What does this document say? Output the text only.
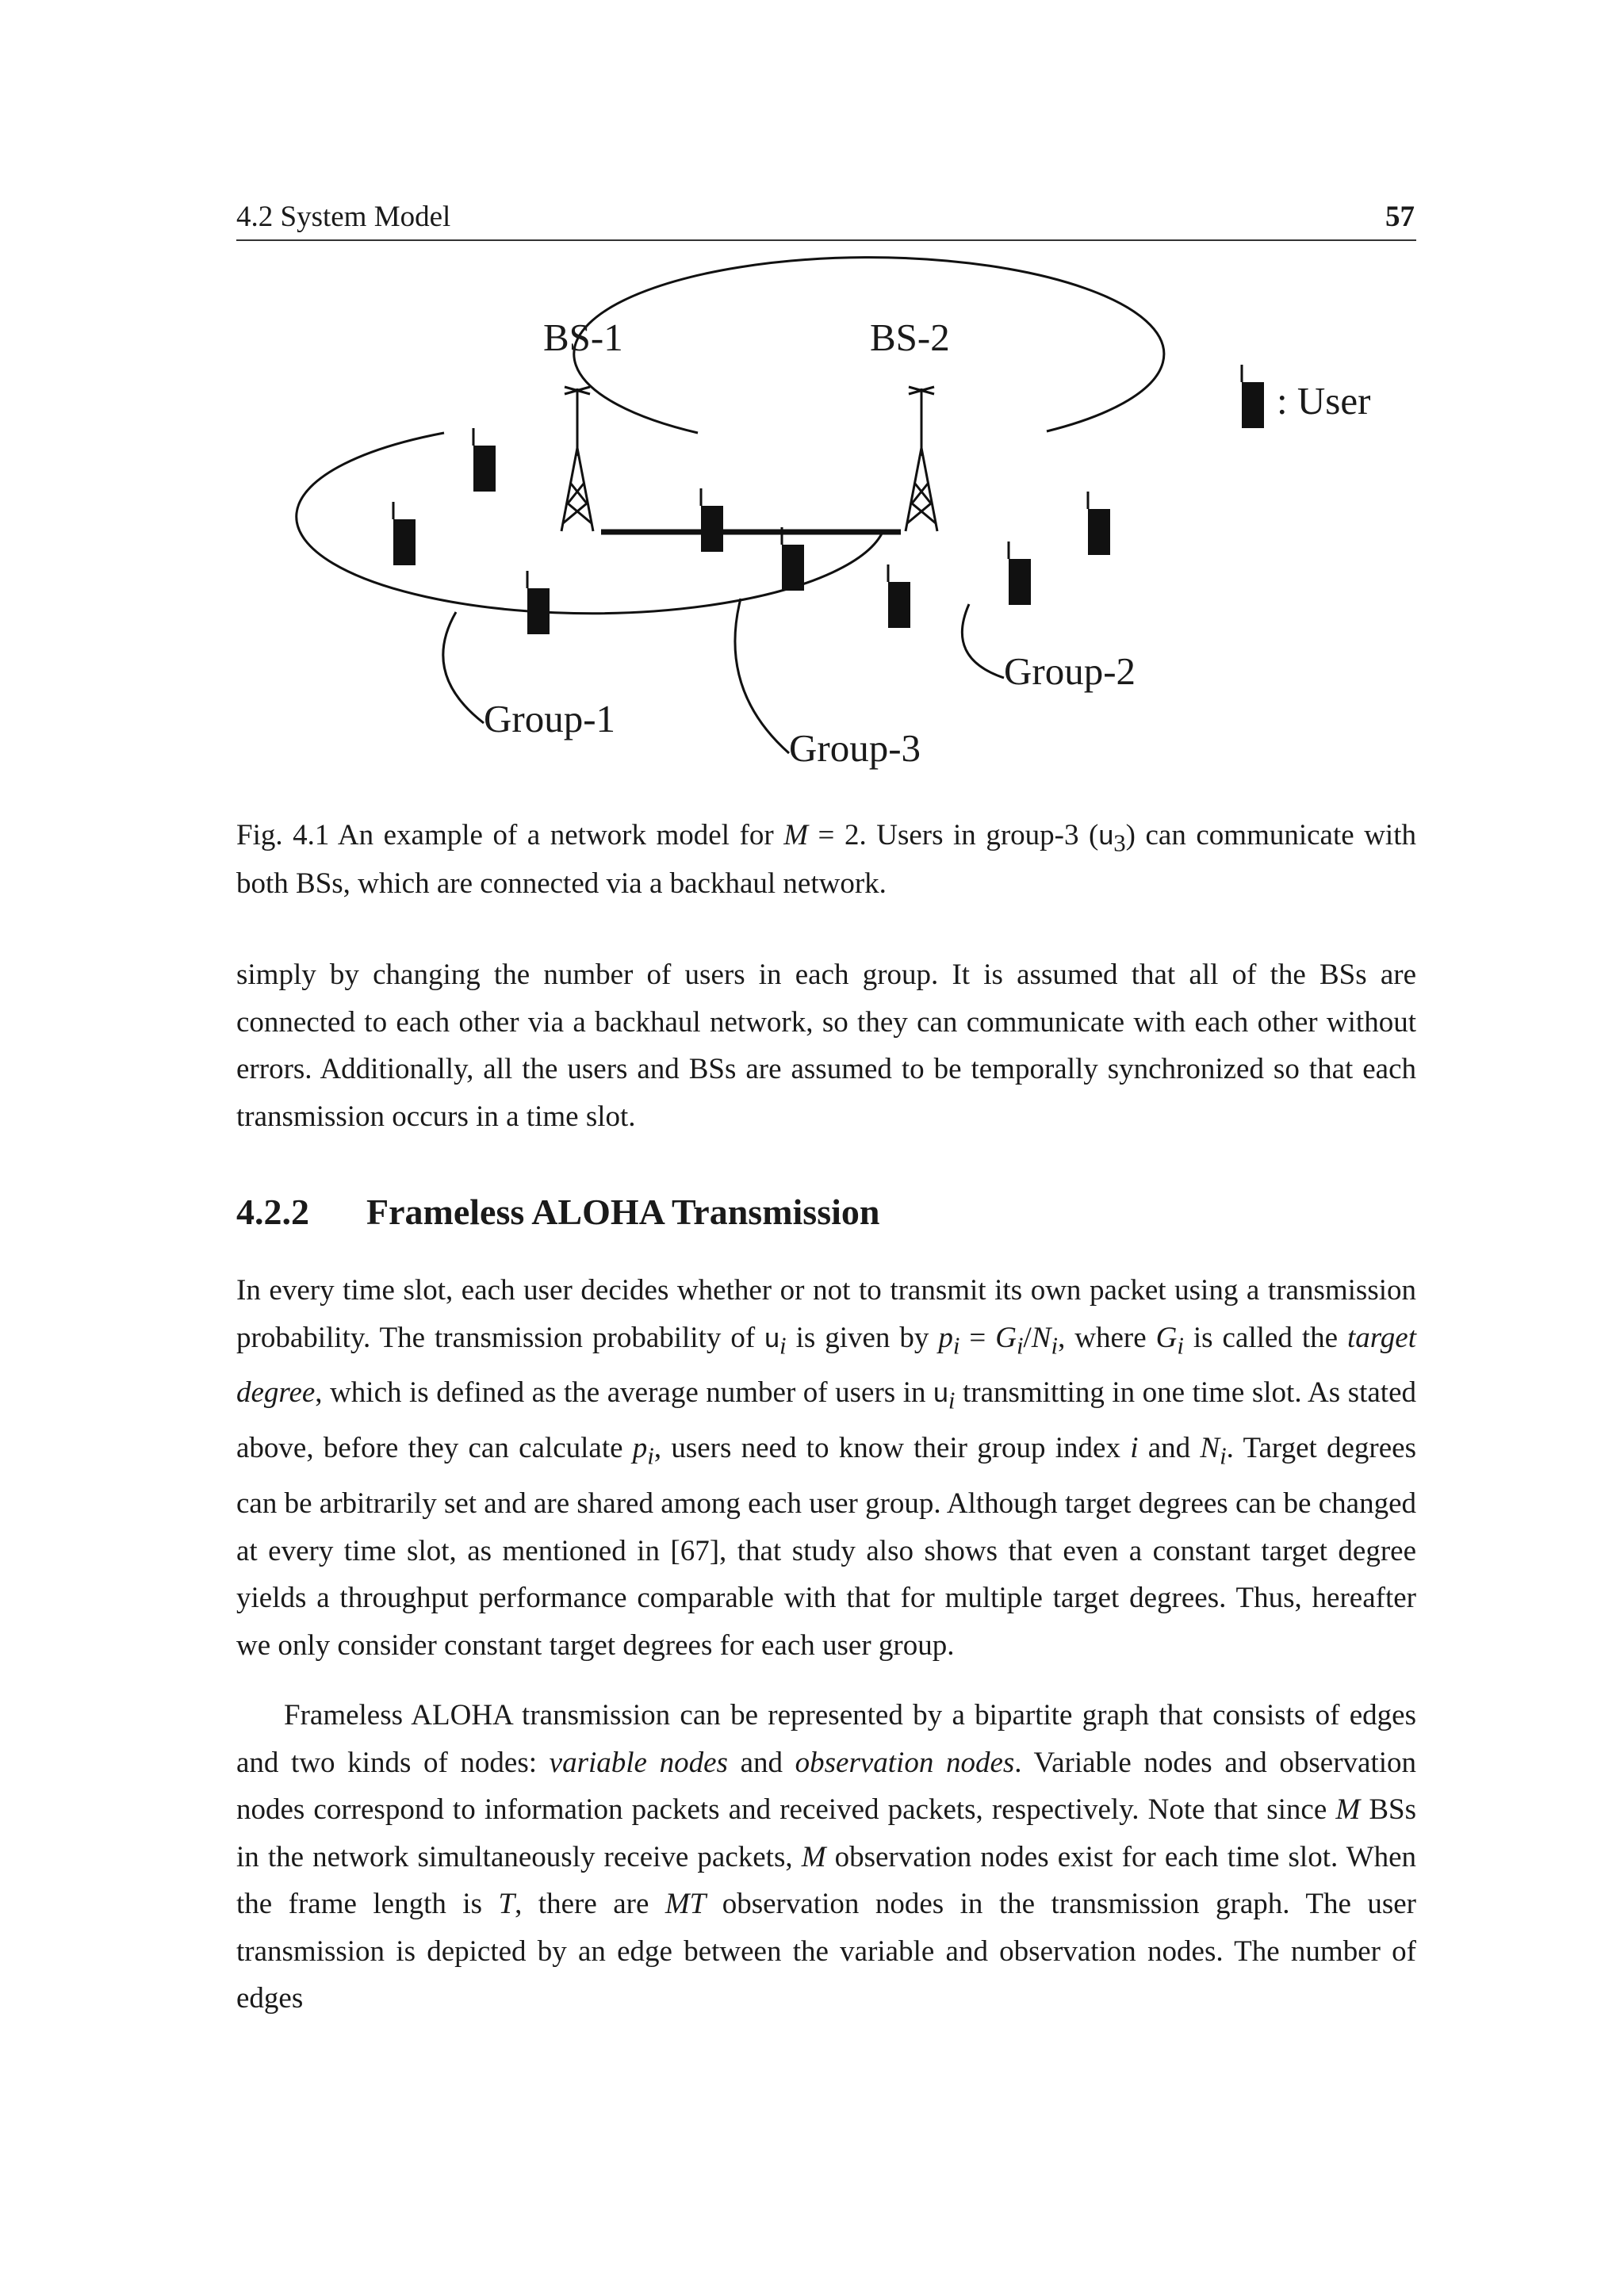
4.2 System Model	57
BS-1	BS-2
: User
Group-1
Group-3
Group-2
Fig. 4.1 An example of a network model for M = 2. Users in group-3 $(u_3)$ can communicate with both BSs, which are connected via a backhaul network.

simply by changing the number of users in each group. It is assumed that all of the BSs are connected to each other via a backhaul network, so they can communicate with each other without errors. Additionally, all the users and BSs are assumed to be temporally synchronized so that each transmission occurs in a time slot.

4.2.2 Frameless ALOHA Transmission

In every time slot, each user decides whether or not to transmit its own packet using a transmission probability. The transmission probability of $u_i$ is given by $p_i = G_i/N_i$, where $G_i$ is called the target degree, which is defined as the average number of users in $u_i$ transmitting in one time slot. As stated above, before they can calculate $p_i$, users need to know their group index i and $N_i$. Target degrees can be arbitrarily set and are shared among each user group. Although target degrees can be changed at every time slot, as mentioned in [67], that study also shows that even a constant target degree yields a throughput performance comparable with that for multiple target degrees. Thus, hereafter we only consider constant target degrees for each user group.

Frameless ALOHA transmission can be represented by a bipartite graph that consists of edges and two kinds of nodes: variable nodes and observation nodes. Variable nodes and observation nodes correspond to information packets and received packets, respectively. Note that since M BSs in the network simultaneously receive packets, M observation nodes exist for each time slot. When the frame length is T, there are MT observation nodes in the transmission graph. The user transmission is depicted by an edge between the variable and observation nodes. The number of edges
